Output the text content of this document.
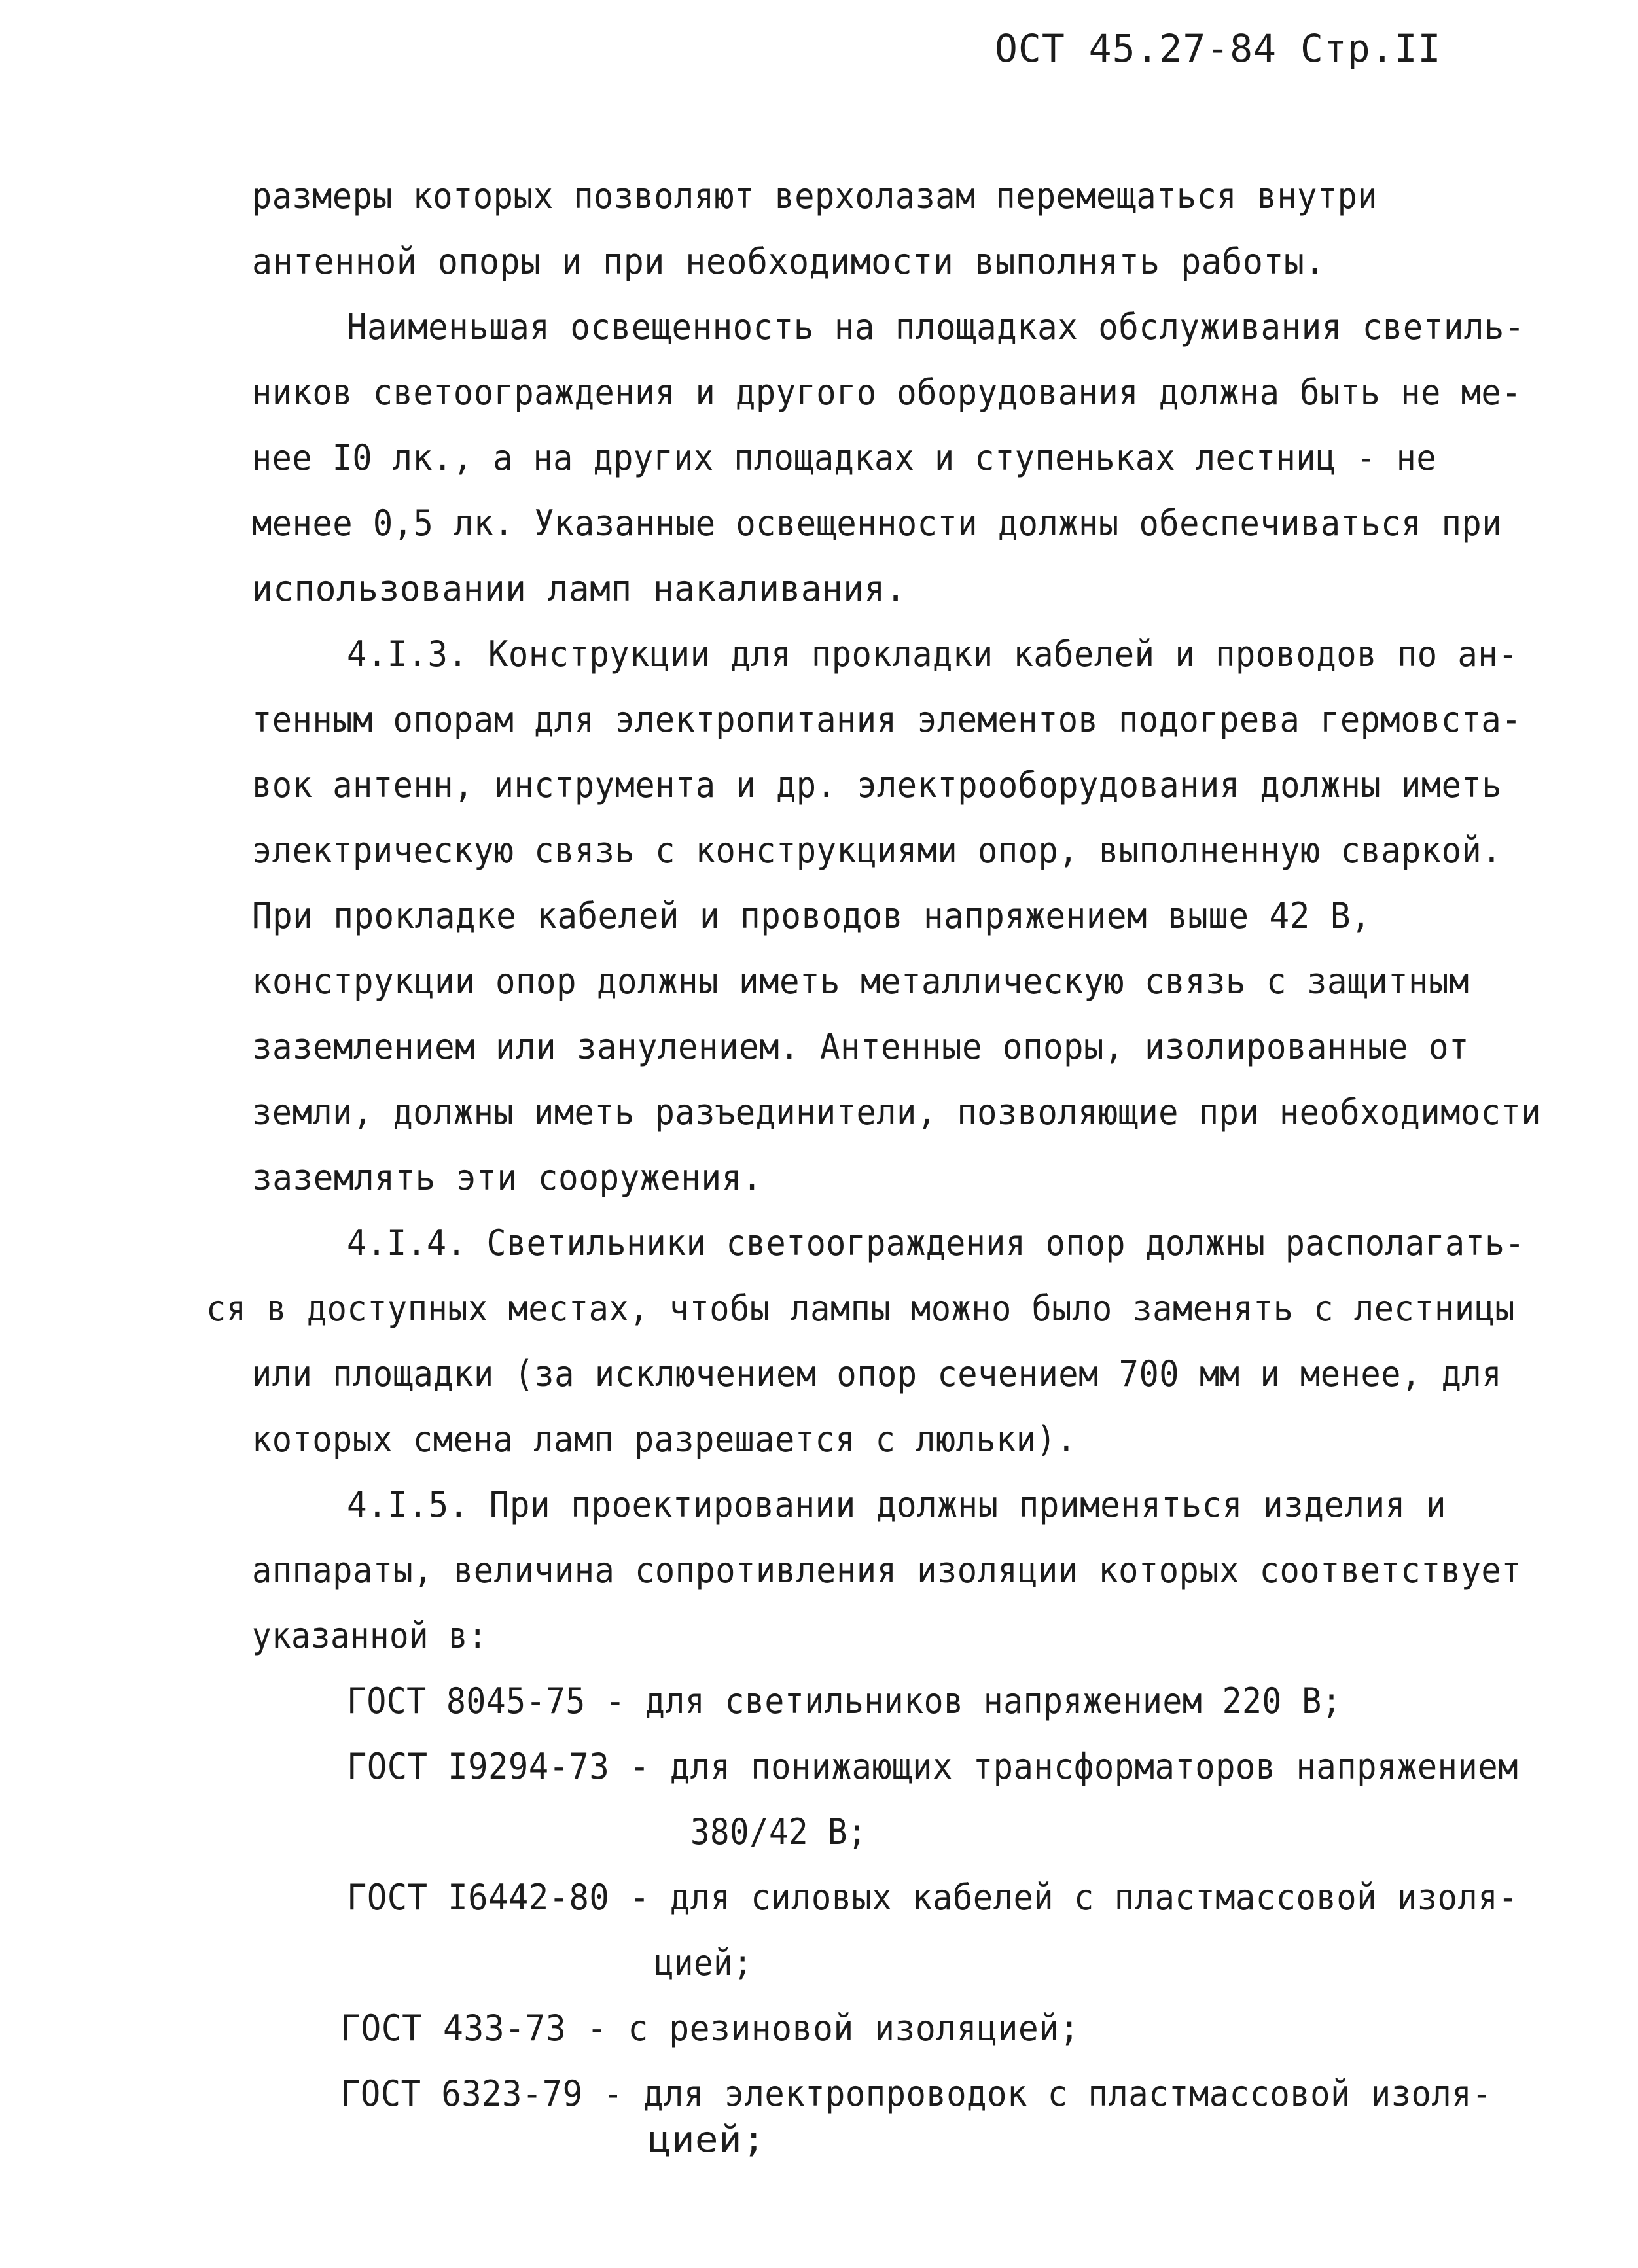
ОСТ 45.27-84 Стр.II
размеры которых позволяют верхолазам перемещаться внутри
антенной опоры и при необходимости выполнять работы.
Наименьшая освещенность на площадках обслуживания светиль-
ников светоограждения и другого оборудования должна быть не ме-
нее I0 лк., а на других площадках и ступеньках лестниц - не
менее 0,5 лк. Указанные освещенности должны обеспечиваться при
использовании ламп накаливания.
4.I.3. Конструкции для прокладки кабелей и проводов по ан-
тенным опорам для электропитания элементов подогрева гермовста-
вок антенн, инструмента и др. электрооборудования должны иметь
электрическую связь с конструкциями опор, выполненную сваркой.
При прокладке кабелей и проводов напряжением выше 42 В,
конструкции опор должны иметь металлическую связь с защитным
заземлением или занулением. Антенные опоры, изолированные от
земли, должны иметь разъединители, позволяющие при необходимости
заземлять эти сооружения.
4.I.4. Светильники светоограждения опор должны располагать-
ся в доступных местах, чтобы лампы можно было заменять с лестницы
или площадки (за исключением опор сечением 700 мм и менее, для
которых смена ламп разрешается с люльки).
4.I.5. При проектировании должны применяться изделия и
аппараты, величина сопротивления изоляции которых соответствует
указанной в:
ГОСТ 8045-75 - для светильников напряжением 220 В;
ГОСТ I9294-73 - для понижающих трансформаторов напряжением
380/42 В;
ГОСТ I6442-80 - для силовых кабелей с пластмассовой изоля-
цией;
ГОСТ 433-73 - с резиновой изоляцией;
ГОСТ 6323-79 - для электропроводок с пластмассовой изоля-
цией;
